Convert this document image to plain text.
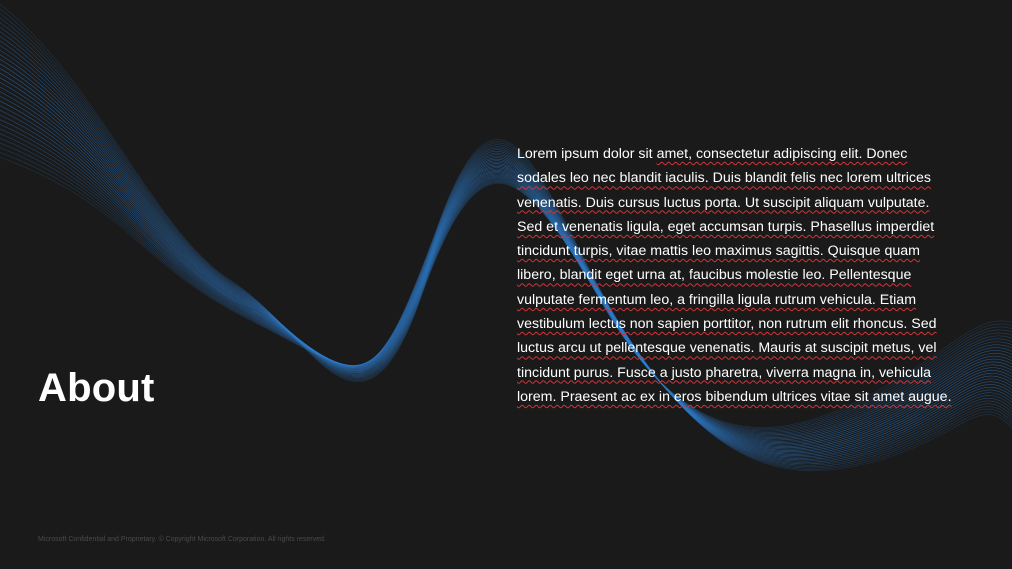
About
Lorem ipsum dolor sit amet, consectetur adipiscing elit. Donec sodales leo nec blandit iaculis. Duis blandit felis nec lorem ultrices venenatis. Duis cursus luctus porta. Ut suscipit aliquam vulputate. Sed et venenatis ligula, eget accumsan turpis. Phasellus imperdiet tincidunt turpis, vitae mattis leo maximus sagittis. Quisque quam libero, blandit eget urna at, faucibus molestie leo. Pellentesque vulputate fermentum leo, a fringilla ligula rutrum vehicula. Etiam vestibulum lectus non sapien porttitor, non rutrum elit rhoncus. Sed luctus arcu ut pellentesque venenatis. Mauris at suscipit metus, vel tincidunt purus. Fusce a justo pharetra, viverra magna in, vehicula lorem. Praesent ac ex in eros bibendum ultrices vitae sit amet augue.
Microsoft Confidential and Proprietary. © Copyright Microsoft Corporation. All rights reserved.
